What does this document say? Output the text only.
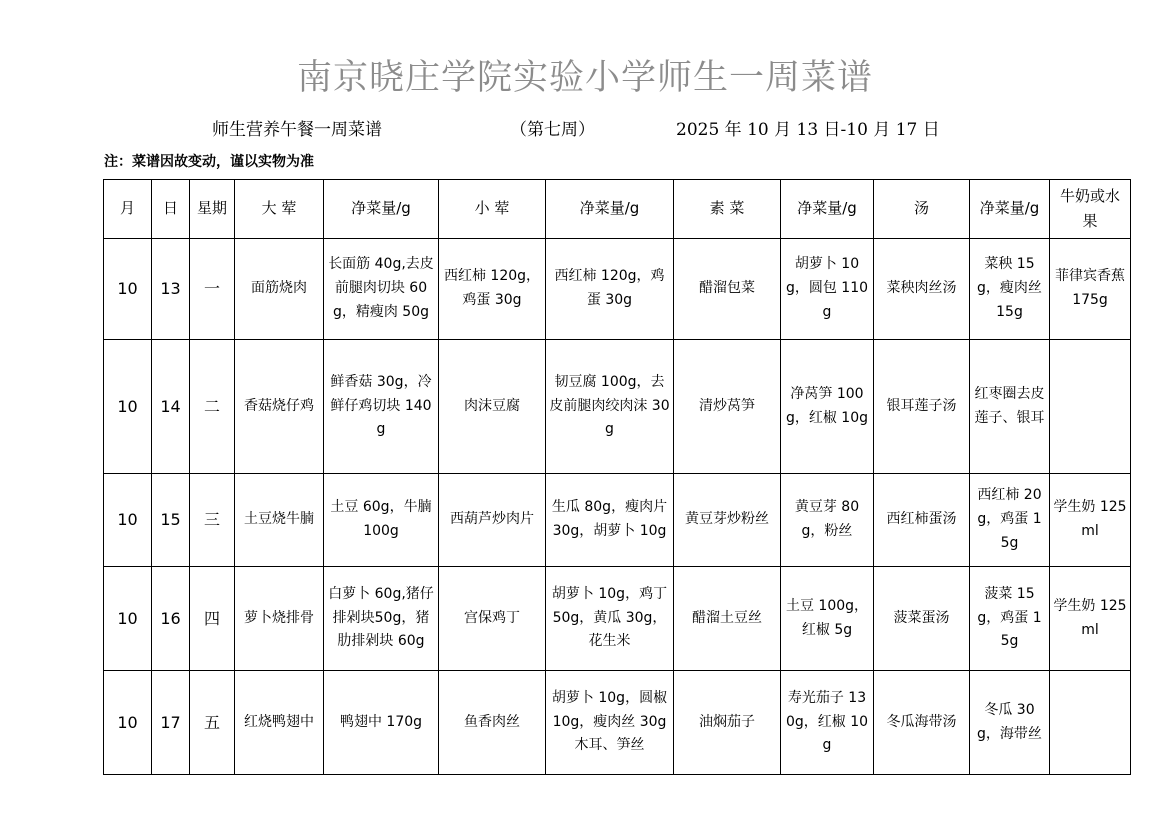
南京晓庄学院实验小学师生一周菜谱
师生营养午餐一周菜谱	（第七周）	2025 年 10 月 13 日-10 月 17 日
注：菜谱因故变动，谨以实物为准
月	日	星期	大 荤	净菜量/g	小 荤	净菜量/g	素 菜	净菜量/g	汤	净菜量/g	牛奶或水果
10	13	一	面筋烧肉	长面筋 40g,去皮前腿肉切块 60g，精瘦肉 50g	西红柿 120g，鸡蛋 30g	西红柿 120g，鸡蛋 30g	醋溜包菜	胡萝卜 10g，圆包 110g	菜秧肉丝汤	菜秧 15g，瘦肉丝 15g	菲律宾香蕉 175g
10	14	二	香菇烧仔鸡	鲜香菇 30g，冷鲜仔鸡切块 140g	肉沫豆腐	韧豆腐 100g，去皮前腿肉绞肉沫 30g	清炒莴笋	净莴笋 100g，红椒 10g	银耳莲子汤	红枣圈去皮莲子、银耳	
10	15	三	土豆烧牛腩	土豆 60g，牛腩 100g	西葫芦炒肉片	生瓜 80g，瘦肉片 30g，胡萝卜 10g	黄豆芽炒粉丝	黄豆芽 80g，粉丝	西红柿蛋汤	西红柿 20g，鸡蛋 15g	学生奶 125ml
10	16	四	萝卜烧排骨	白萝卜 60g,猪仔排剁块50g，猪肋排剁块 60g	宫保鸡丁	胡萝卜 10g，鸡丁50g，黄瓜 30g，花生米	醋溜土豆丝	土豆 100g，红椒 5g	菠菜蛋汤	菠菜 15g，鸡蛋 15g	学生奶 125ml
10	17	五	红烧鸭翅中	鸭翅中 170g	鱼香肉丝	胡萝卜 10g，圆椒 10g，瘦肉丝 30g 木耳、笋丝	油焖茄子	寿光茄子 130g，红椒 10g	冬瓜海带汤	冬瓜 30g，海带丝	
